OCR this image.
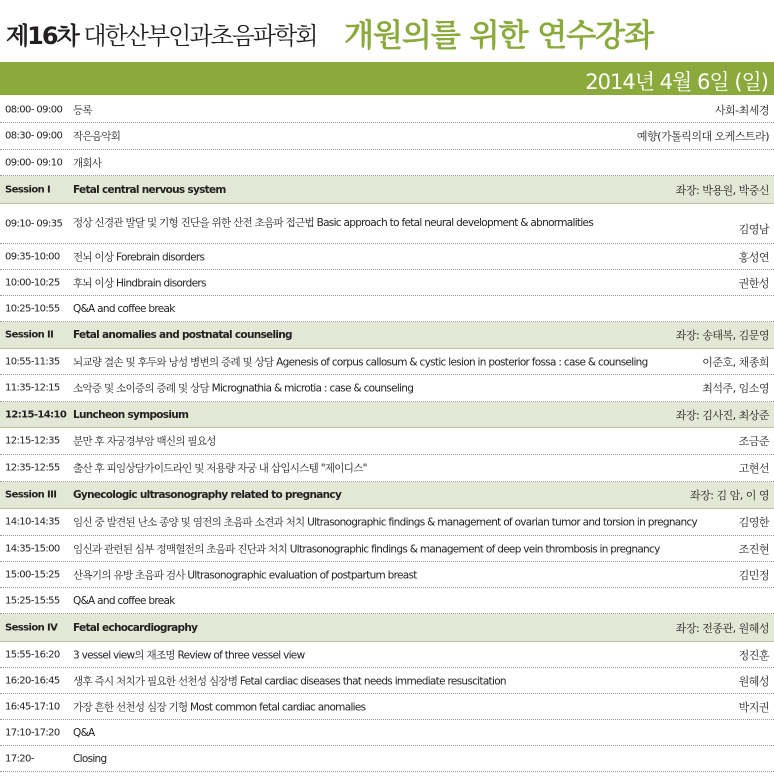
제16차 대한산부인과초음파학회 개원의를 위한 연수강좌
2014년 4월 6일 (일)
08:00- 09:00 등록	사회-최세경
08:30- 09:00 작은음악회	예향(가톨릭의대 오케스트라)
09:00- 09:10 개회사
Session I Fetal central nervous system	좌장: 박용원, 박중신
09:10- 09:35 정상 신경관 발달 및 기형 진단을 위한 산전 초음파 접근법 Basic approach to fetal neural development & abnormalities	김영남
09:35-10:00 전뇌 이상 Forebrain disorders	홍성연
10:00-10:25 후뇌 이상 Hindbrain disorders	권한성
10:25-10:55 Q&A and coffee break
Session II Fetal anomalies and postnatal counseling	좌장: 송태복, 김문영
10:55-11:35 뇌교량 결손 및 후두와 낭성 병변의 증례 및 상담 Agenesis of corpus callosum & cystic lesion in posterior fossa : case & counseling	이준호, 채종희
11:35-12:15 소악증 및 소이증의 증례 및 상담 Micrognathia & microtia : case & counseling	최석주, 임소영
12:15-14:10 Luncheon symposium	좌장: 김사진, 최상준
12:15-12:35 분만 후 자궁경부암 백신의 필요성	조금준
12:35-12:55 출산 후 피임상담가이드라인 및 저용량 자궁 내 삽입시스템 "제이디스"	고현선
Session III Gynecologic ultrasonography related to pregnancy	좌장: 김 암, 이 영
14:10-14:35 임신 중 발견된 난소 종양 및 염전의 초음파 소견과 처치 Ultrasonographic findings & management of ovarian tumor and torsion in pregnancy	김영한
14:35-15:00 임신과 관련된 심부 정맥혈전의 초음파 진단과 처치 Ultrasonographic findings & management of deep vein thrombosis in pregnancy	조진현
15:00-15:25 산욕기의 유방 초음파 검사 Ultrasonographic evaluation of postpartum breast	김민정
15:25-15:55 Q&A and coffee break
Session IV Fetal echocardiography	좌장: 전종관, 원혜성
15:55-16:20 3 vessel view의 재조명 Review of three vessel view	정진훈
16:20-16:45 생후 즉시 처치가 필요한 선천성 심장병 Fetal cardiac diseases that needs immediate resuscitation	원혜성
16:45-17:10 가장 흔한 선천성 심장 기형 Most common fetal cardiac anomalies	박지권
17:10-17:20 Q&A
17:20-	Closing
